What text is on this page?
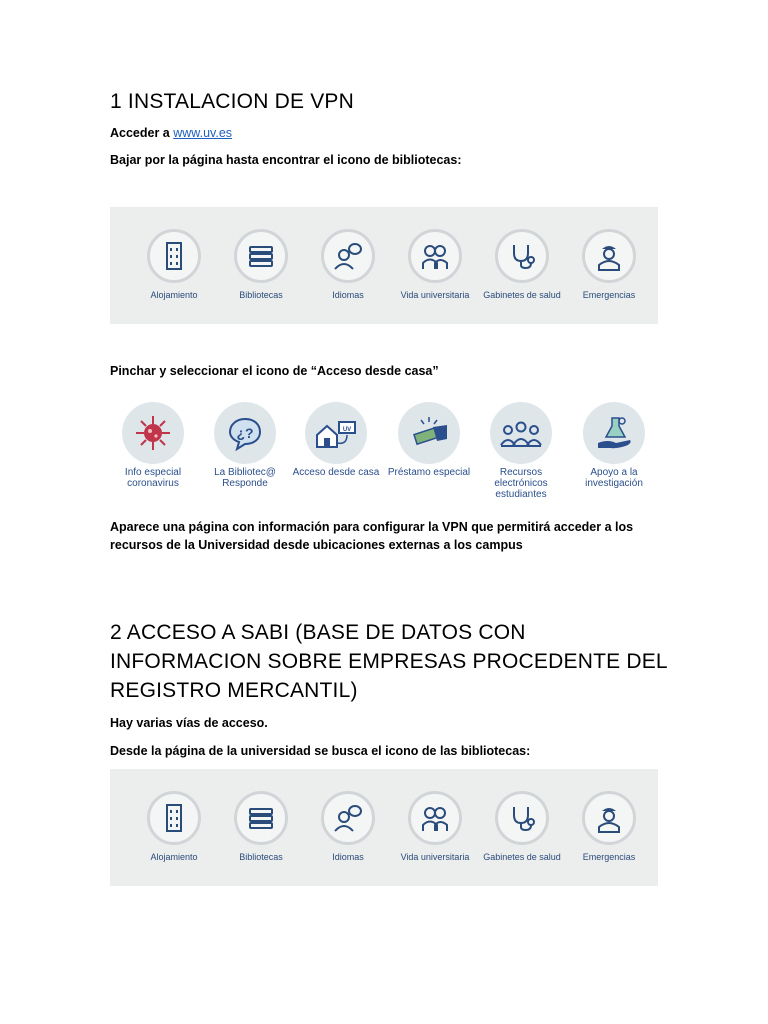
1 INSTALACION DE VPN

Acceder a www.uv.es

Bajar por la página hasta encontrar el icono de bibliotecas:

Alojamiento	Bibliotecas	Idiomas	Vida universitaria	Gabinetes de salud	Emergencias

Pinchar y seleccionar el icono de “Acceso desde casa”

Info especial coronavirus
¿?
La Bibliotec@ Responde
UV
Acceso desde casa Préstamo especial	Recursos electrónicos estudiantes
Apoyo a la investigación

Aparece una página con información para configurar la VPN que permitirá acceder a los recursos de la Universidad desde ubicaciones externas a los campus

2 ACCESO A SABI (BASE DE DATOS CON INFORMACION SOBRE EMPRESAS PROCEDENTE DEL REGISTRO MERCANTIL)

Hay varias vías de acceso.

Desde la página de la universidad se busca el icono de las bibliotecas:

Alojamiento	Bibliotecas	Idiomas	Vida universitaria	Gabinetes de salud	Emergencias
